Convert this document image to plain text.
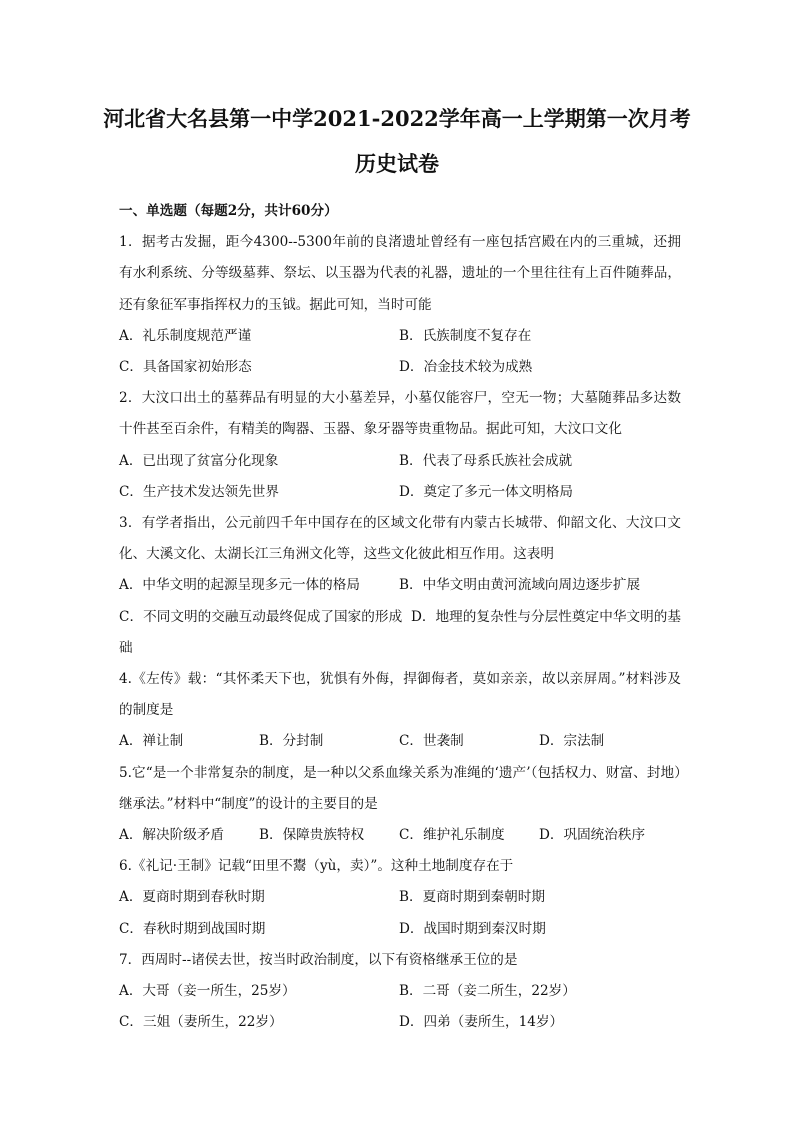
河北省大名县第一中学2021-2022学年高一上学期第一次月考
历史试卷
一、单选题（每题2分，共计60分）
1．据考古发掘，距今4300--5300年前的良渚遗址曾经有一座包括宫殿在内的三重城，还拥有水利系统、分等级墓葬、祭坛、以玉器为代表的礼器，遗址的一个里往往有上百件随葬品，还有象征军事指挥权力的玉钺。据此可知，当时可能
A．礼乐制度规范严谨	B．氏族制度不复存在
C．具备国家初始形态	D．冶金技术较为成熟
2．大汶口出土的墓葬品有明显的大小墓差异，小墓仅能容尸，空无一物；大墓随葬品多达数十件甚至百余件，有精美的陶器、玉器、象牙器等贵重物品。据此可知，大汶口文化
A．已出现了贫富分化现象	B．代表了母系氏族社会成就
C．生产技术发达领先世界	D．奠定了多元一体文明格局
3．有学者指出，公元前四千年中国存在的区域文化带有内蒙古长城带、仰韶文化、大汶口文化、大溪文化、太湖长江三角洲文化等，这些文化彼此相互作用。这表明
A．中华文明的起源呈现多元一体的格局	B．中华文明由黄河流域向周边逐步扩展
C．不同文明的交融互动最终促成了国家的形成 D．地理的复杂性与分层性奠定中华文明的基础
4.《左传》载：“其怀柔天下也，犹惧有外侮，捍御侮者，莫如亲亲，故以亲屏周。”材料涉及的制度是
A．禅让制	B．分封制	C．世袭制	D．宗法制
5.它“是一个非常复杂的制度，是一种以父系血缘关系为准绳的‘遗产’（包括权力、财富、封地）继承法。”材料中“制度”的设计的主要目的是
A．解决阶级矛盾	B．保障贵族特权	C．维护礼乐制度	D．巩固统治秩序
6.《礼记·王制》记载“田里不鬻（yù，卖）”。这种土地制度存在于
A．夏商时期到春秋时期	B．夏商时期到秦朝时期
C．春秋时期到战国时期	D．战国时期到秦汉时期
7．西周时--诸侯去世，按当时政治制度，以下有资格继承王位的是
A．大哥（妾一所生，25岁）	B．二哥（妾二所生，22岁）
C．三姐（妻所生，22岁）	D．四弟（妻所生，14岁）
